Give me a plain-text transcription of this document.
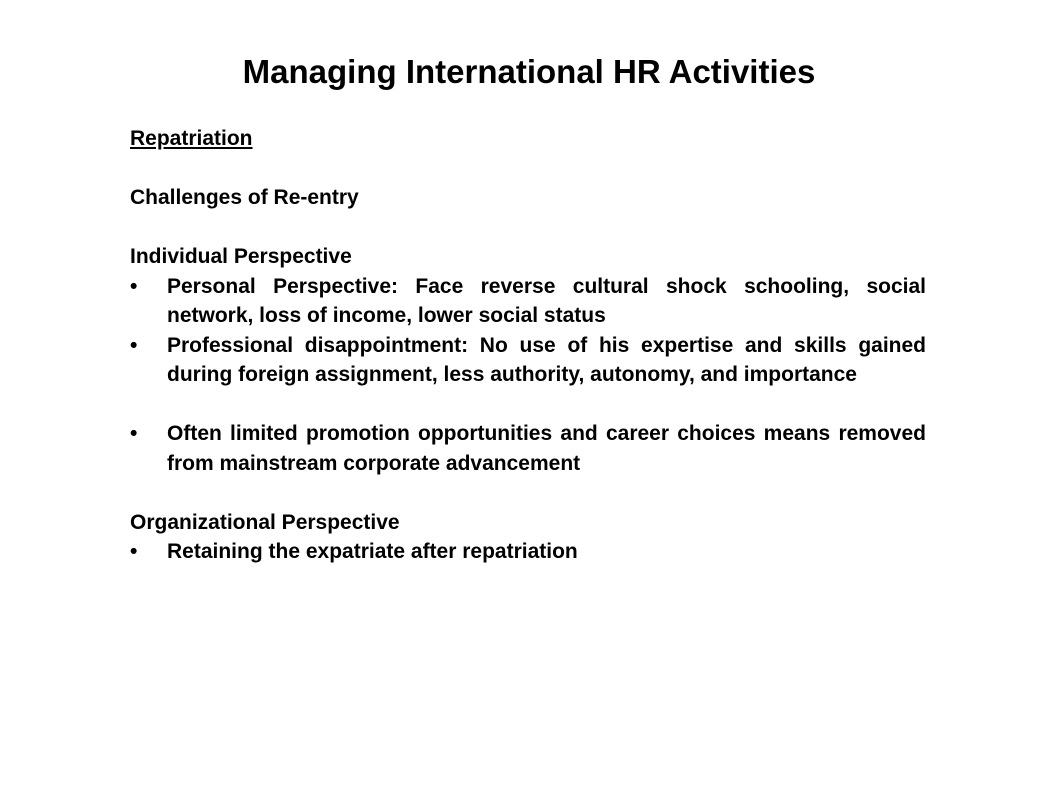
Managing International HR Activities

Repatriation

Challenges of Re-entry

Individual Perspective

• Personal Perspective: Face reverse cultural shock schooling, social network, loss of income, lower social status
• Professional disappointment: No use of his expertise and skills gained during foreign assignment, less authority, autonomy, and importance
• Often limited promotion opportunities and career choices means removed from mainstream corporate advancement

Organizational Perspective

• Retaining the expatriate after repatriation
